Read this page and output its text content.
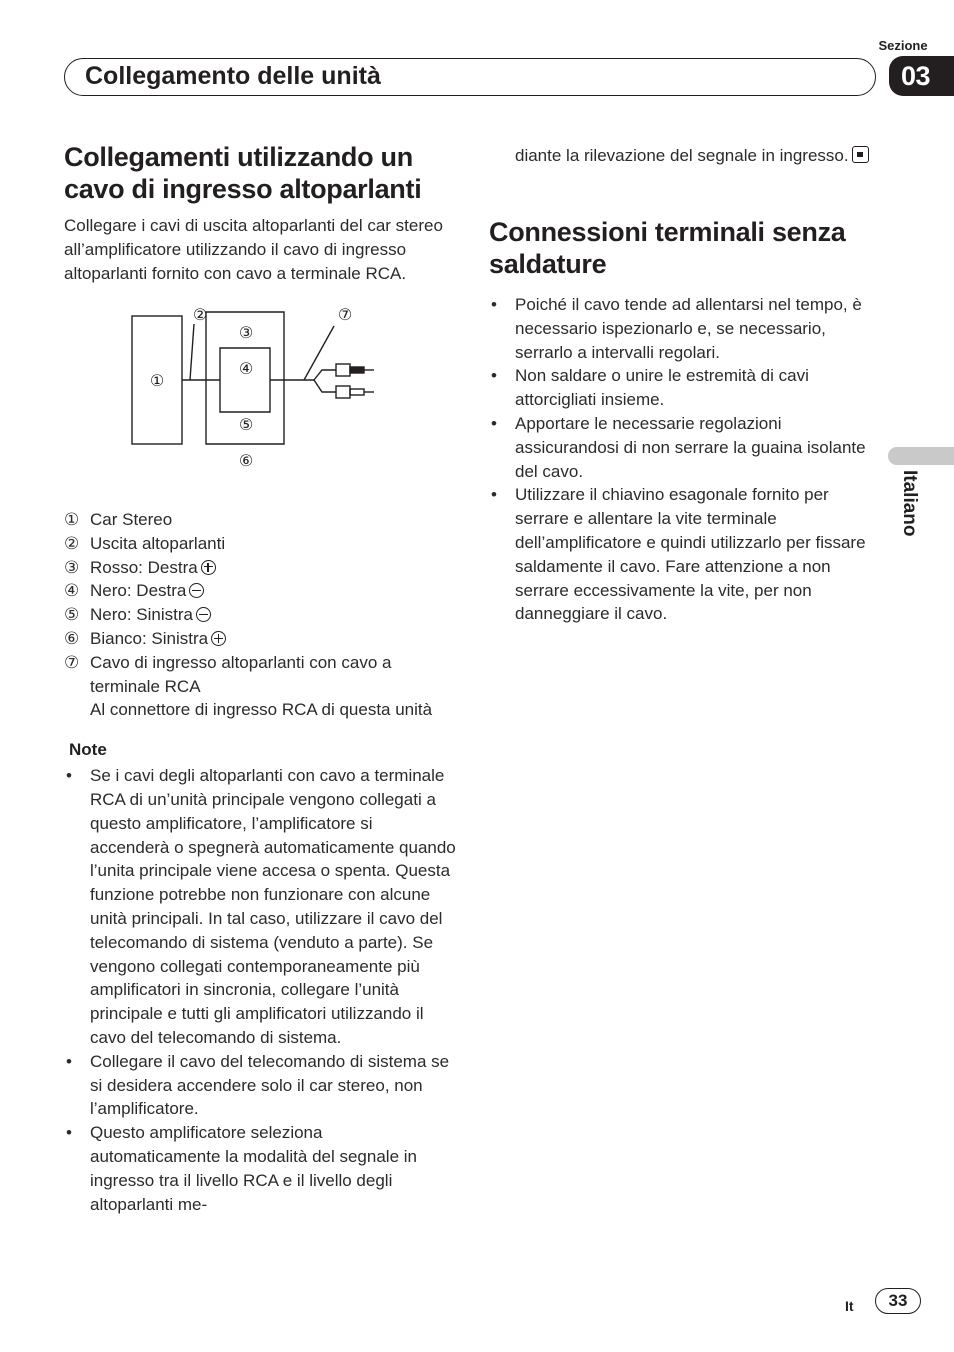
Sezione
03
Collegamento delle unità
Italiano
Collegamenti utilizzando un cavo di ingresso altoparlanti

Collegare i cavi di uscita altoparlanti del car stereo all’amplificatore utilizzando il cavo di ingresso altoparlanti fornito con cavo a terminale RCA.

①
②
③
④
⑤
⑥
⑦
① Car Stereo
② Uscita altoparlanti
③ Rosso: Destra
④ Nero: Destra
⑤ Nero: Sinistra
⑥ Bianco: Sinistra
⑦ Cavo di ingresso altoparlanti con cavo a terminale RCA
Al connettore di ingresso RCA di questa unità
Note
• Se i cavi degli altoparlanti con cavo a terminale RCA di un’unità principale vengono collegati a questo amplificatore, l’amplificatore si accenderà o spegnerà automaticamente quando l’unita principale viene accesa o spenta. Questa funzione potrebbe non funzionare con alcune unità principali. In tal caso, utilizzare il cavo del telecomando di sistema (venduto a parte). Se vengono collegati contemporaneamente più amplificatori in sincronia, collegare l’unità principale e tutti gli amplificatori utilizzando il cavo del telecomando di sistema.
• Collegare il cavo del telecomando di sistema se si desidera accendere solo il car stereo, non l’amplificatore.
• Questo amplificatore seleziona automaticamente la modalità del segnale in ingresso tra il livello RCA e il livello degli altoparlanti me-

diante la rilevazione del segnale in ingresso.

Connessioni terminali senza saldature
• Poiché il cavo tende ad allentarsi nel tempo, è necessario ispezionarlo e, se necessario, serrarlo a intervalli regolari.
• Non saldare o unire le estremità di cavi attorcigliati insieme.
• Apportare le necessarie regolazioni assicurandosi di non serrare la guaina isolante del cavo.
• Utilizzare il chiavino esagonale fornito per serrare e allentare la vite terminale dell’amplificatore e quindi utilizzarlo per fissare saldamente il cavo. Fare attenzione a non serrare eccessivamente la vite, per non danneggiare il cavo.
It	33
